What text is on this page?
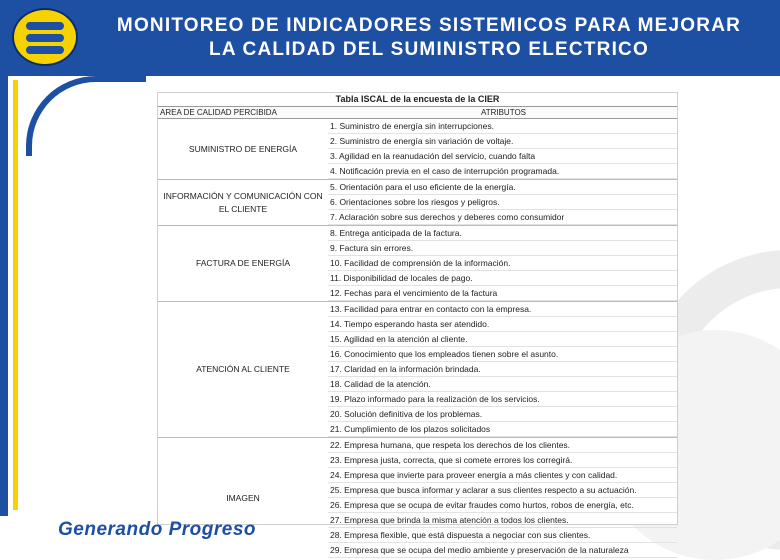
MONITOREO DE INDICADORES SISTEMICOS PARA MEJORAR
LA CALIDAD DEL SUMINISTRO ELECTRICO
Tabla ISCAL de la encuesta de la CIER
AREA DE CALIDAD PERCIBIDA	ATRIBUTOS
SUMINISTRO DE ENERGÍA
1. Suministro de energía sin interrupciones.
2. Suministro de energía sin variación de voltaje.
3. Agilidad en la reanudación del servicio, cuando falta
4. Notificación previa en el caso de interrupción programada.
INFORMACIÓN Y COMUNICACIÓN CON EL CLIENTE
5. Orientación para el uso eficiente de la energía.
6. Orientaciones sobre los riesgos y peligros.
7. Aclaración sobre sus derechos y deberes como consumidor
FACTURA DE ENERGÍA
8. Entrega anticipada de la factura.
9. Factura sin errores.
10. Facilidad de comprensión de la información.
11. Disponibilidad de locales de pago.
12. Fechas para el vencimiento de la factura
ATENCIÓN AL CLIENTE
13. Facilidad para entrar en contacto con la empresa.
14. Tiempo esperando hasta ser atendido.
15. Agilidad en la atención al cliente.
16. Conocimiento que los empleados tienen sobre el asunto.
17. Claridad en la información brindada.
18. Calidad de la atención.
19. Plazo informado para la realización de los servicios.
20. Solución definitiva de los problemas.
21. Cumplimiento de los plazos solicitados
IMAGEN
22. Empresa humana, que respeta los derechos de los clientes.
23. Empresa justa, correcta, que si comete errores los corregirá.
24. Empresa que invierte para proveer energía a más clientes y con calidad.
25. Empresa que busca informar y aclarar a sus clientes respecto a su actuación.
26. Empresa que se ocupa de evitar fraudes como hurtos, robos de energía, etc.
27. Empresa que brinda la misma atención a todos los clientes.
28. Empresa flexible, que está dispuesta a negociar con sus clientes.
29. Empresa que se ocupa del medio ambiente y preservación de la naturaleza
Generando Progreso
